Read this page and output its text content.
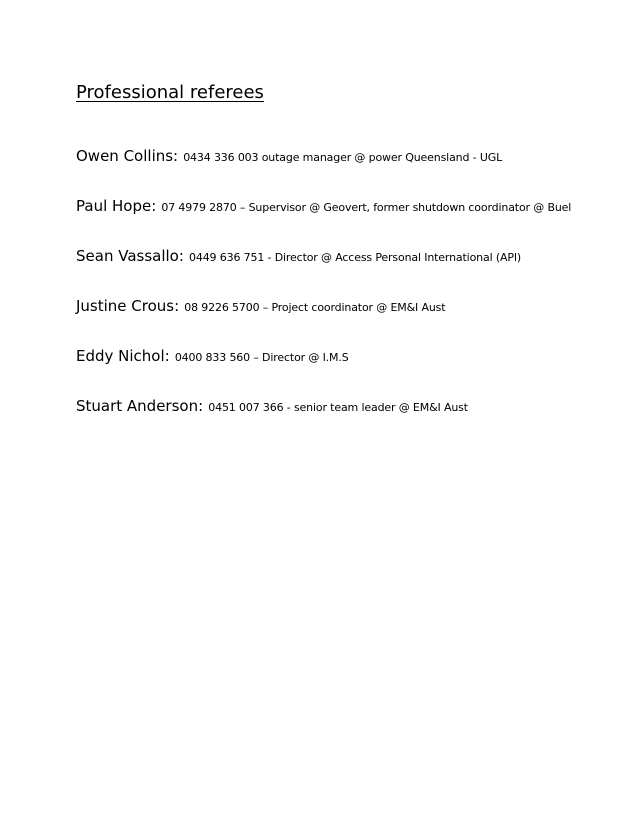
Professional referees
Owen Collins: 0434 336 003 outage manager @ power Queensland - UGL
Paul Hope: 07 4979 2870 – Supervisor @ Geovert, former shutdown coordinator @ Buel
Sean Vassallo: 0449 636 751 - Director @ Access Personal International (API)
Justine Crous: 08 9226 5700 – Project coordinator @ EM&I Aust
Eddy Nichol: 0400 833 560 – Director @ I.M.S
Stuart Anderson: 0451 007 366 - senior team leader @ EM&I Aust
